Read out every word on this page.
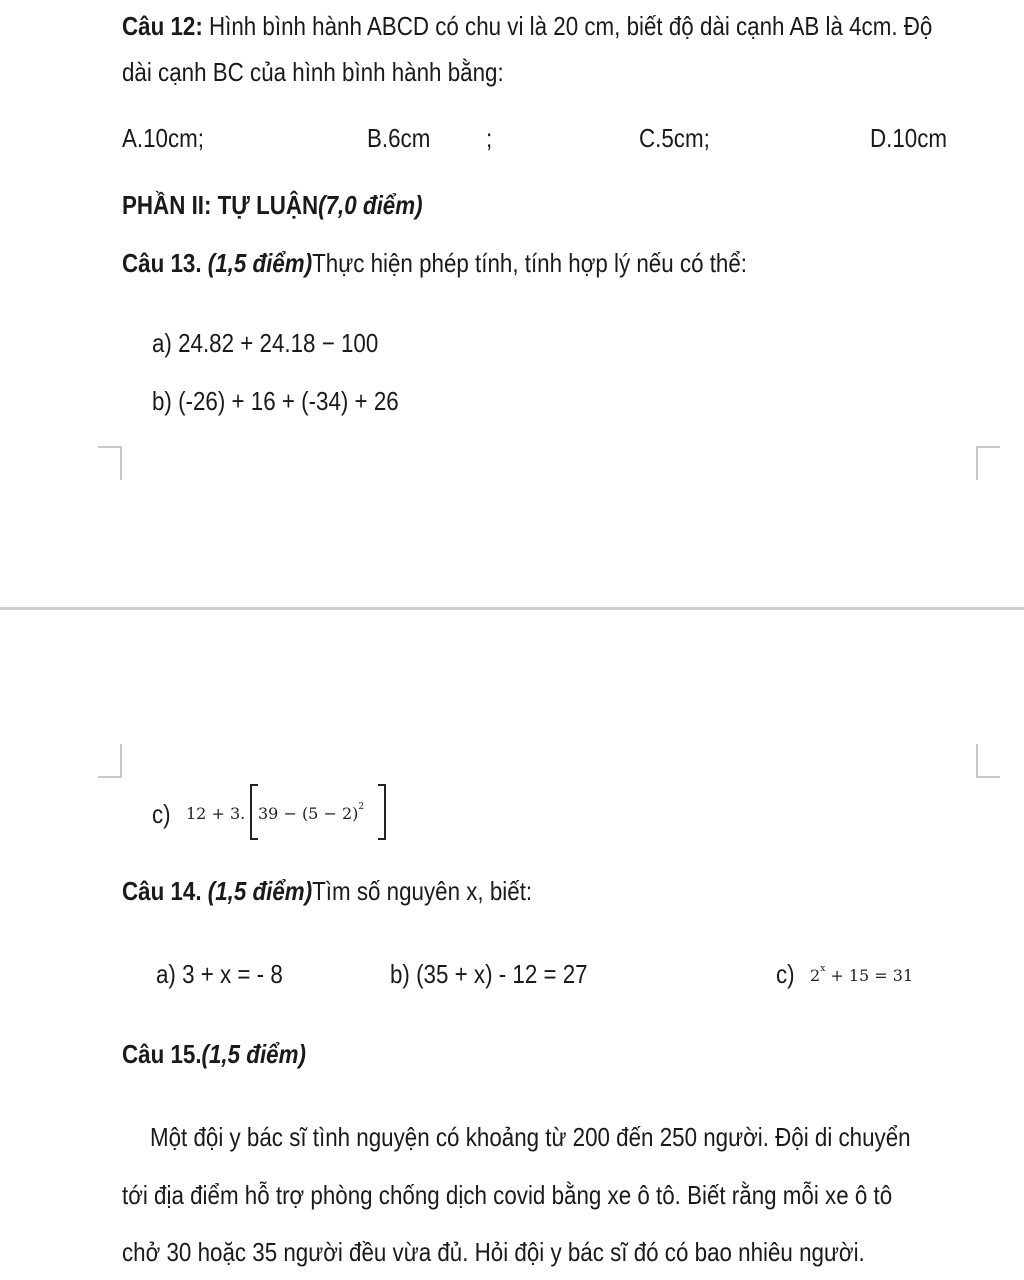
Câu 12: Hình bình hành ABCD có chu vi là 20 cm, biết độ dài cạnh AB là 4cm. Độ
dài cạnh BC của hình bình hành bằng:
A.10cm;	B.6cm ;	C.5cm;	D.10cm
PHẦN II: TỰ LUẬN(7,0 điểm)
Câu 13. (1,5 điểm)Thực hiện phép tính, tính hợp lý nếu có thể:
a) 24.82 + 24.18 − 100
b) (-26) + 16 + (-34) + 26
c) 12 + 3. $39 - (5 - 2)^2$
Câu 14. (1,5 điểm)Tìm số nguyên x, biết:
a) 3 + x = - 8	b) (35 + x) - 12 = 27	c) $2^x + 15 = 31$
Câu 15.(1,5 điểm)
Một đội y bác sĩ tình nguyện có khoảng từ 200 đến 250 người. Đội di chuyển
tới địa điểm hỗ trợ phòng chống dịch covid bằng xe ô tô. Biết rằng mỗi xe ô tô
chở 30 hoặc 35 người đều vừa đủ. Hỏi đội y bác sĩ đó có bao nhiêu người.
